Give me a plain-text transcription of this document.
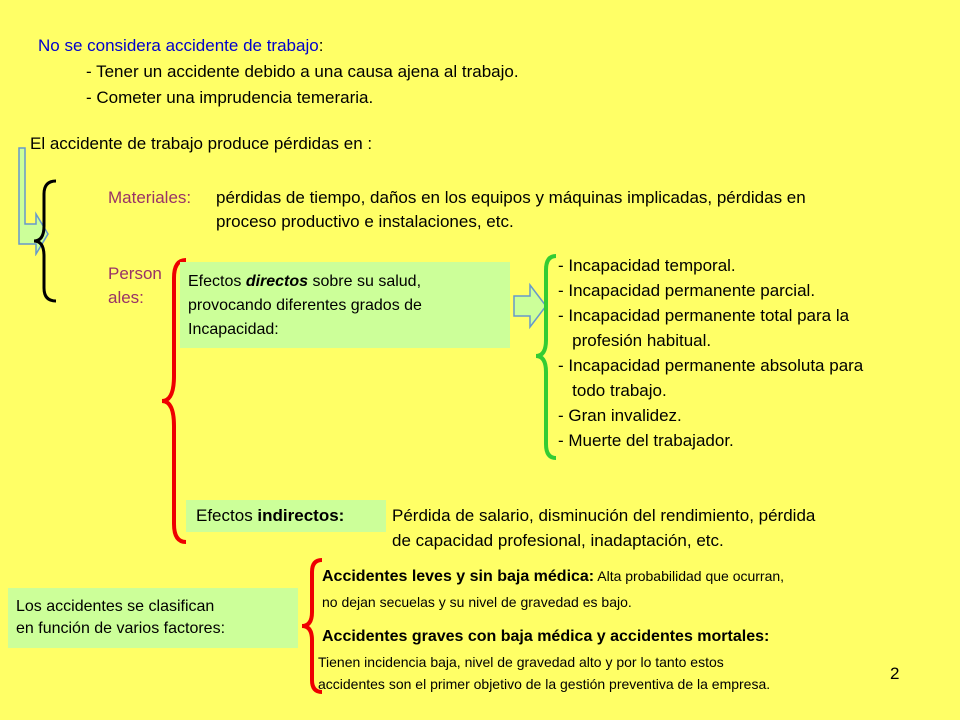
No se considera accidente de trabajo:
- Tener un accidente debido a una causa ajena al trabajo.
- Cometer una imprudencia temeraria.
El accidente de trabajo produce pérdidas en :
Materiales: pérdidas de tiempo, daños en los equipos y máquinas implicadas, pérdidas en
proceso productivo e instalaciones, etc.
Person
ales:
Efectos directos sobre su salud,
provocando diferentes grados de
Incapacidad:
- Incapacidad temporal.
- Incapacidad permanente parcial.
- Incapacidad permanente total para la
profesión habitual.
- Incapacidad permanente absoluta para
todo trabajo.
- Gran invalidez.
- Muerte del trabajador.
Efectos indirectos:	Pérdida de salario, disminución del rendimiento, pérdida
de capacidad profesional, inadaptación, etc.
Los accidentes se clasifican
en función de varios factores:
Accidentes leves y sin baja médica: Alta probabilidad que ocurran,
no dejan secuelas y su nivel de gravedad es bajo.
Accidentes graves con baja médica y accidentes mortales:
Tienen incidencia baja, nivel de gravedad alto y por lo tanto estos
accidentes son el primer objetivo de la gestión preventiva de la empresa.
2
